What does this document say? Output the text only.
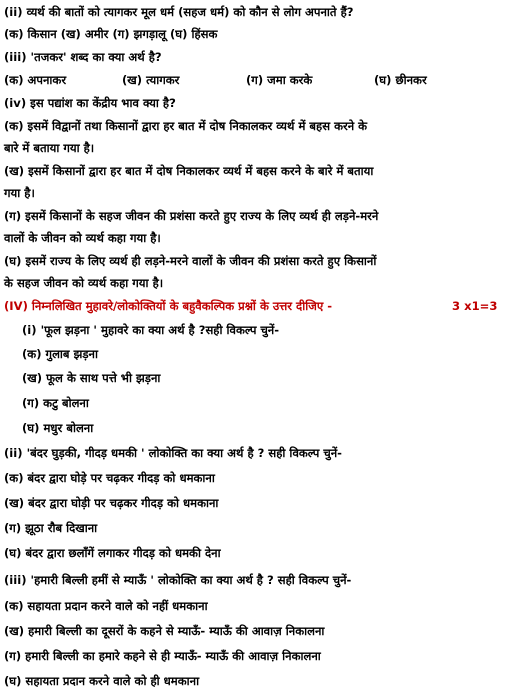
(ii) व्यर्थ की बातों को त्यागकर मूल धर्म (सहज धर्म) को कौन से लोग अपनाते हैं?
(क) किसान (ख) अमीर (ग) झगड़ालू (घ) हिंसक
(iii) 'तजकर' शब्द का क्या अर्थ है?
(क) अपनाकर	(ख) त्यागकर	(ग) जमा करके	(घ) छीनकर
(iv) इस पद्यांश का केंद्रीय भाव क्या है?
(क) इसमें विद्वानों तथा किसानों द्वारा हर बात में दोष निकालकर व्यर्थ में बहस करने के
बारे में बताया गया है।
(ख) इसमें किसानों द्वारा हर बात में दोष निकालकर व्यर्थ में बहस करने के बारे में बताया
गया है।
(ग) इसमें किसानों के सहज जीवन की प्रशंसा करते हुए राज्य के लिए व्यर्थ ही लड़ने-मरने
वालों के जीवन को व्यर्थ कहा गया है।
(घ) इसमें राज्य के लिए व्यर्थ ही लड़ने-मरने वालों के जीवन की प्रशंसा करते हुए किसानों
के सहज जीवन को व्यर्थ कहा गया है।
(IV) निम्नलिखित मुहावरे/लोकोक्तियों के बहुवैकल्पिक प्रश्नों के उत्तर दीजिए -	3 x1=3
(i) 'फूल झड़ना ' मुहावरे का क्या अर्थ है ?सही विकल्प चुनें-
(क) गुलाब झड़ना
(ख) फूल के साथ पत्ते भी झड़ना
(ग) कटु बोलना
(घ) मधुर बोलना
(ii) 'बंदर घुड़की, गीदड़ धमकी ' लोकोक्ति का क्या अर्थ है ? सही विकल्प चुनें-
(क) बंदर द्वारा घोड़े पर चढ़कर गीदड़ को धमकाना
(ख) बंदर द्वारा घोड़ी पर चढ़कर गीदड़ को धमकाना
(ग) झूठा रौब दिखाना
(घ) बंदर द्वारा छलाँगें लगाकर गीदड़ को धमकी देना
(iii) 'हमारी बिल्ली हमीं से म्याऊँ ' लोकोक्ति का क्या अर्थ है ? सही विकल्प चुनें-
(क) सहायता प्रदान करने वाले को नहीं धमकाना
(ख) हमारी बिल्ली का दूसरों के कहने से म्याऊँ- म्याऊँ की आवाज़ निकालना
(ग) हमारी बिल्ली का हमारे कहने से ही म्याऊँ- म्याऊँ की आवाज़ निकालना
(घ) सहायता प्रदान करने वाले को ही धमकाना
